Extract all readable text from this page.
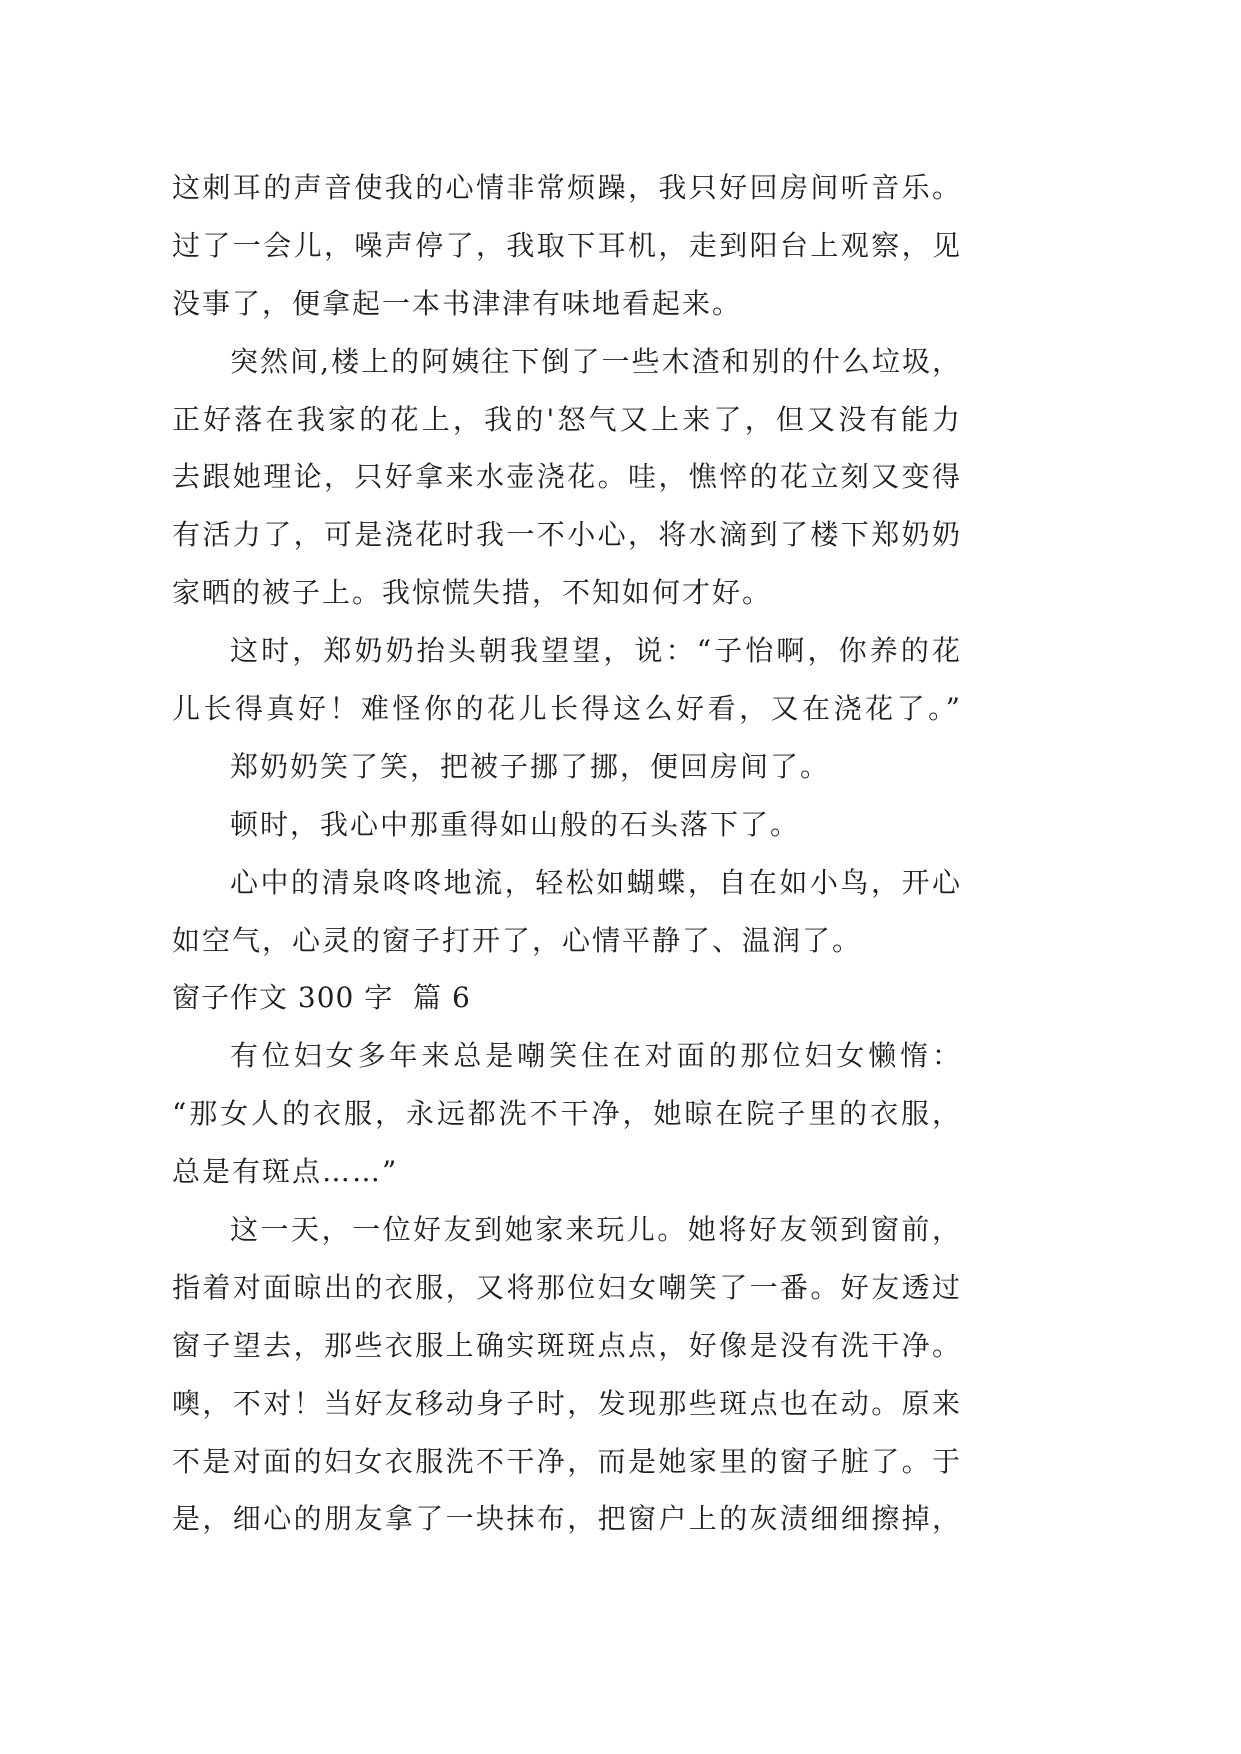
这刺耳的声音使我的心情非常烦躁，我只好回房间听音乐。
过了一会儿，噪声停了，我取下耳机，走到阳台上观察，见
没事了，便拿起一本书津津有味地看起来。
突然间,楼上的阿姨往下倒了一些木渣和别的什么垃圾，
正好落在我家的花上，我的'怒气又上来了，但又没有能力
去跟她理论，只好拿来水壶浇花。哇，憔悴的花立刻又变得
有活力了，可是浇花时我一不小心，将水滴到了楼下郑奶奶
家晒的被子上。我惊慌失措，不知如何才好。
这时，郑奶奶抬头朝我望望，说：“子怡啊，你养的花
儿长得真好！难怪你的花儿长得这么好看，又在浇花了。”
郑奶奶笑了笑，把被子挪了挪，便回房间了。
顿时，我心中那重得如山般的石头落下了。
心中的清泉咚咚地流，轻松如蝴蝶，自在如小鸟，开心
如空气，心灵的窗子打开了，心情平静了、温润了。
窗子作文 300 字  篇 6
有位妇女多年来总是嘲笑住在对面的那位妇女懒惰：
“那女人的衣服，永远都洗不干净，她晾在院子里的衣服，
总是有斑点……”
这一天，一位好友到她家来玩儿。她将好友领到窗前，
指着对面晾出的衣服，又将那位妇女嘲笑了一番。好友透过
窗子望去，那些衣服上确实斑斑点点，好像是没有洗干净。
噢，不对！当好友移动身子时，发现那些斑点也在动。原来
不是对面的妇女衣服洗不干净，而是她家里的窗子脏了。于
是，细心的朋友拿了一块抹布，把窗户上的灰渍细细擦掉，
